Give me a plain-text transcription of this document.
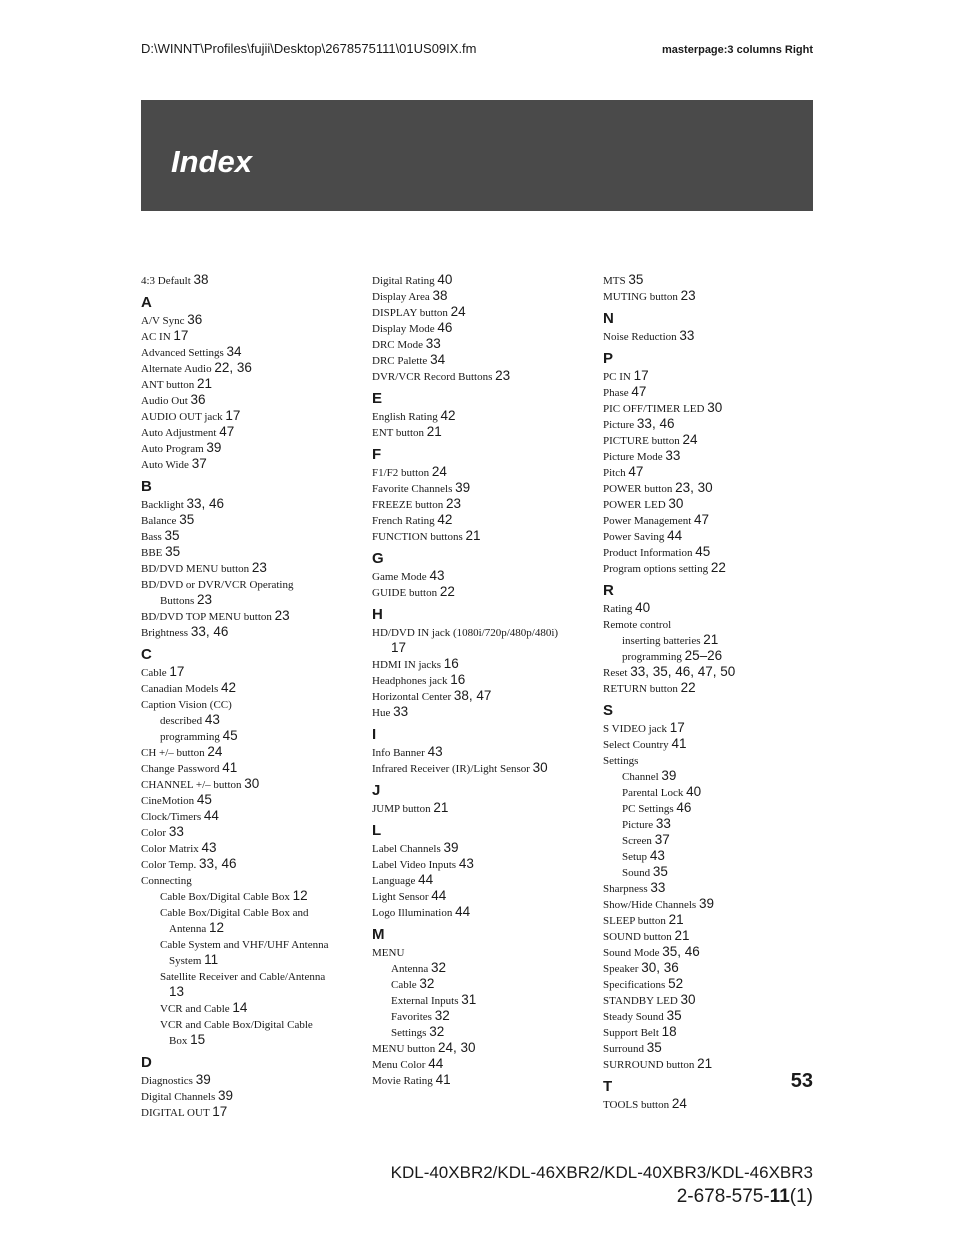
D:\WINNT\Profiles\fujii\Desktop\2678575111\01US09IX.fm	masterpage:3 columns Right
Index
4:3 Default 38
A
A/V Sync 36
AC IN 17
Advanced Settings 34
Alternate Audio 22, 36
ANT button 21
Audio Out 36
AUDIO OUT jack 17
Auto Adjustment 47
Auto Program 39
Auto Wide 37
B
Backlight 33, 46
Balance 35
Bass 35
BBE 35
BD/DVD MENU button 23
BD/DVD or DVR/VCR Operating
Buttons 23
BD/DVD TOP MENU button 23
Brightness 33, 46
C
Cable 17
Canadian Models 42
Caption Vision (CC)
described 43
programming 45
CH +/– button 24
Change Password 41
CHANNEL +/– button 30
CineMotion 45
Clock/Timers 44
Color 33
Color Matrix 43
Color Temp. 33, 46
Connecting
Cable Box/Digital Cable Box 12
Cable Box/Digital Cable Box and
Antenna 12
Cable System and VHF/UHF Antenna
System 11
Satellite Receiver and Cable/Antenna
13
VCR and Cable 14
VCR and Cable Box/Digital Cable
Box 15
D
Diagnostics 39
Digital Channels 39
DIGITAL OUT 17
Digital Rating 40
Display Area 38
DISPLAY button 24
Display Mode 46
DRC Mode 33
DRC Palette 34
DVR/VCR Record Buttons 23
E
English Rating 42
ENT button 21
F
F1/F2 button 24
Favorite Channels 39
FREEZE button 23
French Rating 42
FUNCTION buttons 21
G
Game Mode 43
GUIDE button 22
H
HD/DVD IN jack (1080i/720p/480p/480i)
17
HDMI IN jacks 16
Headphones jack 16
Horizontal Center 38, 47
Hue 33
I
Info Banner 43
Infrared Receiver (IR)/Light Sensor 30
J
JUMP button 21
L
Label Channels 39
Label Video Inputs 43
Language 44
Light Sensor 44
Logo Illumination 44
M
MENU
Antenna 32
Cable 32
External Inputs 31
Favorites 32
Settings 32
MENU button 24, 30
Menu Color 44
Movie Rating 41
MTS 35
MUTING button 23
N
Noise Reduction 33
P
PC IN 17
Phase 47
PIC OFF/TIMER LED 30
Picture 33, 46
PICTURE button 24
Picture Mode 33
Pitch 47
POWER button 23, 30
POWER LED 30
Power Management 47
Power Saving 44
Product Information 45
Program options setting 22
R
Rating 40
Remote control
inserting batteries 21
programming 25–26
Reset 33, 35, 46, 47, 50
RETURN button 22
S
S VIDEO jack 17
Select Country 41
Settings
Channel 39
Parental Lock 40
PC Settings 46
Picture 33
Screen 37
Setup 43
Sound 35
Sharpness 33
Show/Hide Channels 39
SLEEP button 21
SOUND button 21
Sound Mode 35, 46
Speaker 30, 36
Specifications 52
STANDBY LED 30
Steady Sound 35
Support Belt 18
Surround 35
SURROUND button 21
T
TOOLS button 24
53
KDL-40XBR2/KDL-46XBR2/KDL-40XBR3/KDL-46XBR3
2-678-575-11(1)
